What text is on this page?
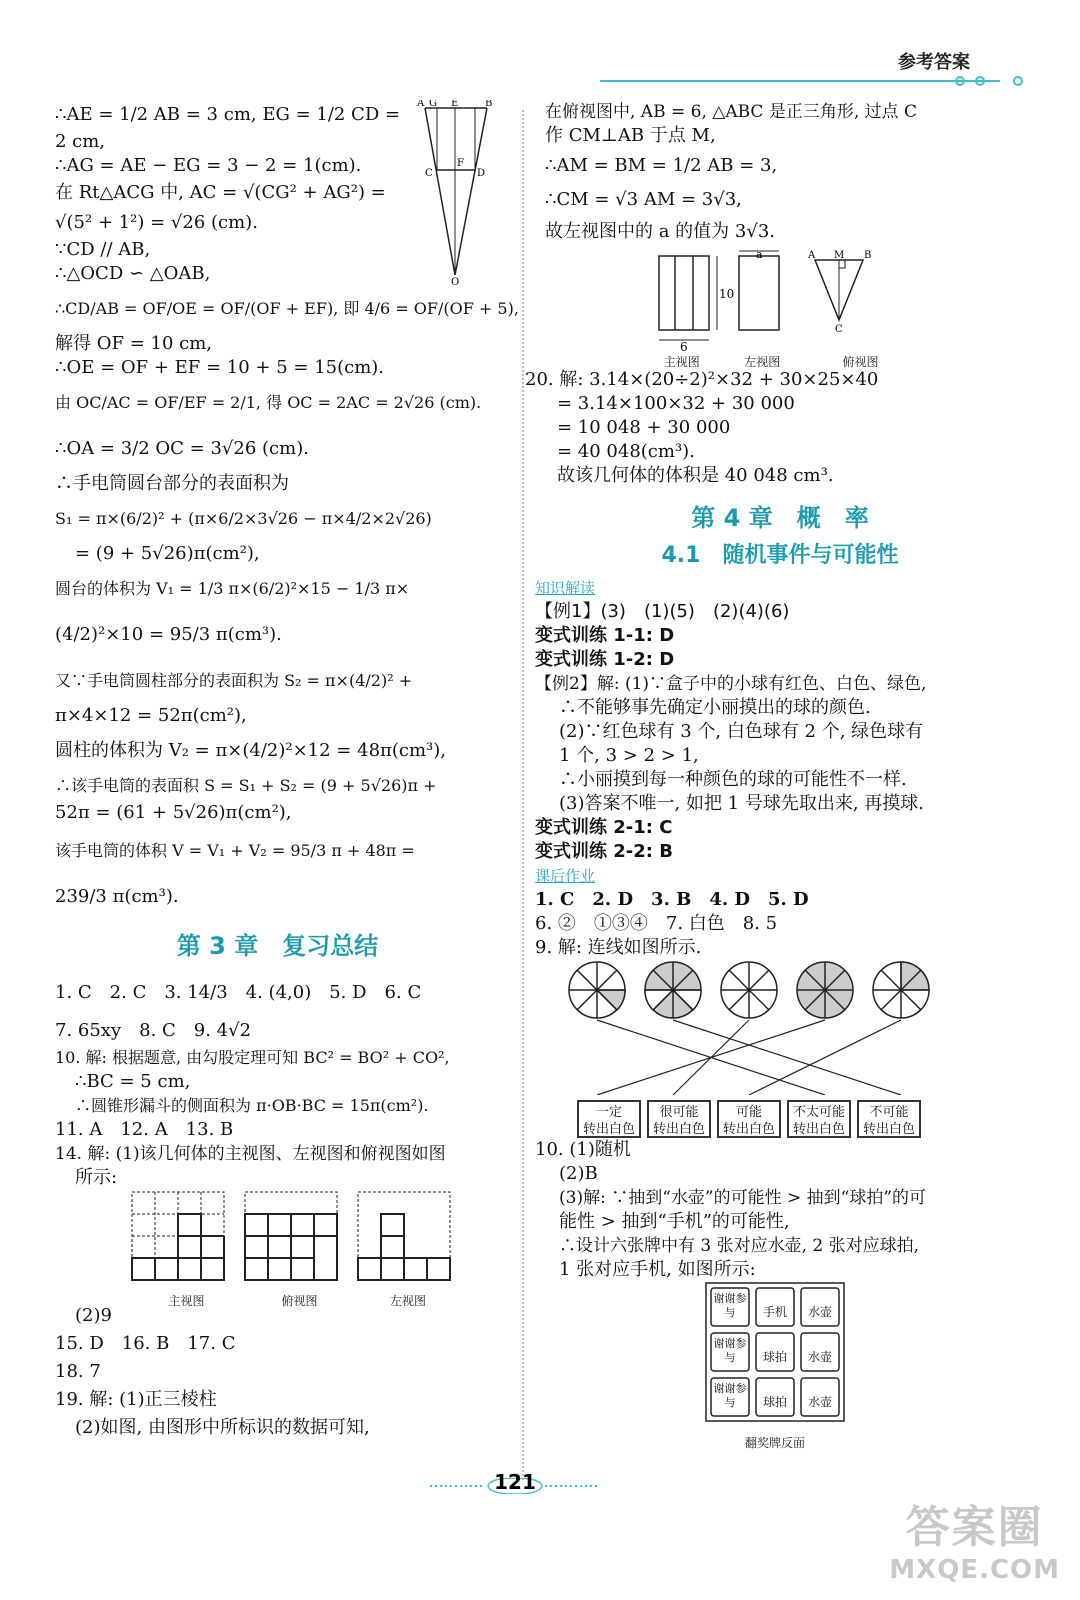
参考答案
A G E	B
C
F
D
O
∴AE = 1/2 AB = 3 cm, EG = 1/2 CD =
2 cm,
∴AG = AE − EG = 3 − 2 = 1(cm).
在 Rt△ACG 中, AC = √(CG² + AG²) =
√(5² + 1²) = √26 (cm).
∵CD // AB,
∴△OCD ∽ △OAB,
∴CD/AB = OF/OE = OF/(OF + EF), 即 4/6 = OF/(OF + 5),
解得 OF = 10 cm,
∴OE = OF + EF = 10 + 5 = 15(cm).
由 OC/AC = OF/EF = 2/1, 得 OC = 2AC = 2√26 (cm).
∴OA = 3/2 OC = 3√26 (cm).
∴手电筒圆台部分的表面积为
S₁ = π×(6/2)² + (π×6/2×3√26 − π×4/2×2√26)
= (9 + 5√26)π(cm²),
圆台的体积为 V₁ = 1/3 π×(6/2)²×15 − 1/3 π×
(4/2)²×10 = 95/3 π(cm³).
又∵手电筒圆柱部分的表面积为 S₂ = π×(4/2)² +
π×4×12 = 52π(cm²),
圆柱的体积为 V₂ = π×(4/2)²×12 = 48π(cm³),
∴该手电筒的表面积 S = S₁ + S₂ = (9 + 5√26)π +
52π = (61 + 5√26)π(cm²),
该手电筒的体积 V = V₁ + V₂ = 95/3 π + 48π =
239/3 π(cm³).
第 3 章　复习总结
1. C　2. C　3. 14/3　4. (4,0)　5. D　6. C
7. 65xy　8. C　9. 4√2
10. 解: 根据题意, 由勾股定理可知 BC² = BO² + CO²,
∴BC = 5 cm,
∴圆锥形漏斗的侧面积为 π·OB·BC = 15π(cm²).
11. A　12. A　13. B
14. 解: (1)该几何体的主视图、左视图和俯视图如图
所示:
主视图	俯视图	左视图
(2)9
15. D　16. B　17. C
18. 7
19. 解: (1)正三棱柱
(2)如图, 由图形中所标识的数据可知,
在俯视图中, AB = 6, △ABC 是正三角形, 过点 C
作 CM⊥AB 于点 M,
∴AM = BM = 1/2 AB = 3,
∴CM = √3 AM = 3√3,
故左视图中的 a 的值为 3√3.
10
6
a	A M B
C
主视图	左视图	俯视图
20. 解: 3.14×(20÷2)²×32 + 30×25×40
= 3.14×100×32 + 30 000
= 10 048 + 30 000
= 40 048(cm³).
故该几何体的体积是 40 048 cm³.
第 4 章　概　率
4.1　随机事件与可能性
知识解读
【例1】(3)　(1)(5)　(2)(4)(6)
变式训练 1-1: D
变式训练 1-2: D
【例2】解: (1)∵盒子中的小球有红色、白色、绿色,
∴不能够事先确定小丽摸出的球的颜色.
(2)∵红色球有 3 个, 白色球有 2 个, 绿色球有
1 个, 3 > 2 > 1,
∴小丽摸到每一种颜色的球的可能性不一样.
(3)答案不唯一, 如把 1 号球先取出来, 再摸球.
变式训练 2-1: C
变式训练 2-2: B
课后作业
1. C　2. D　3. B　4. D　5. D
6. ②　①③④　7. 白色　8. 5
9. 解: 连线如图所示.
一定
转出白色
很可能
转出白色
可能
转出白色
不太可能
转出白色
不可能
转出白色
10. (1)随机
(2)B
(3)解: ∵抽到“水壶”的可能性 > 抽到“球拍”的可
能性 > 抽到“手机”的可能性,
∴设计六张牌中有 3 张对应水壶, 2 张对应球拍,
1 张对应手机, 如图所示:
谢谢参与	手机	水壶
谢谢参与	球拍	水壶
谢谢参与	球拍	水壶
翻奖牌反面
121
答案圈
MXQE.COM
